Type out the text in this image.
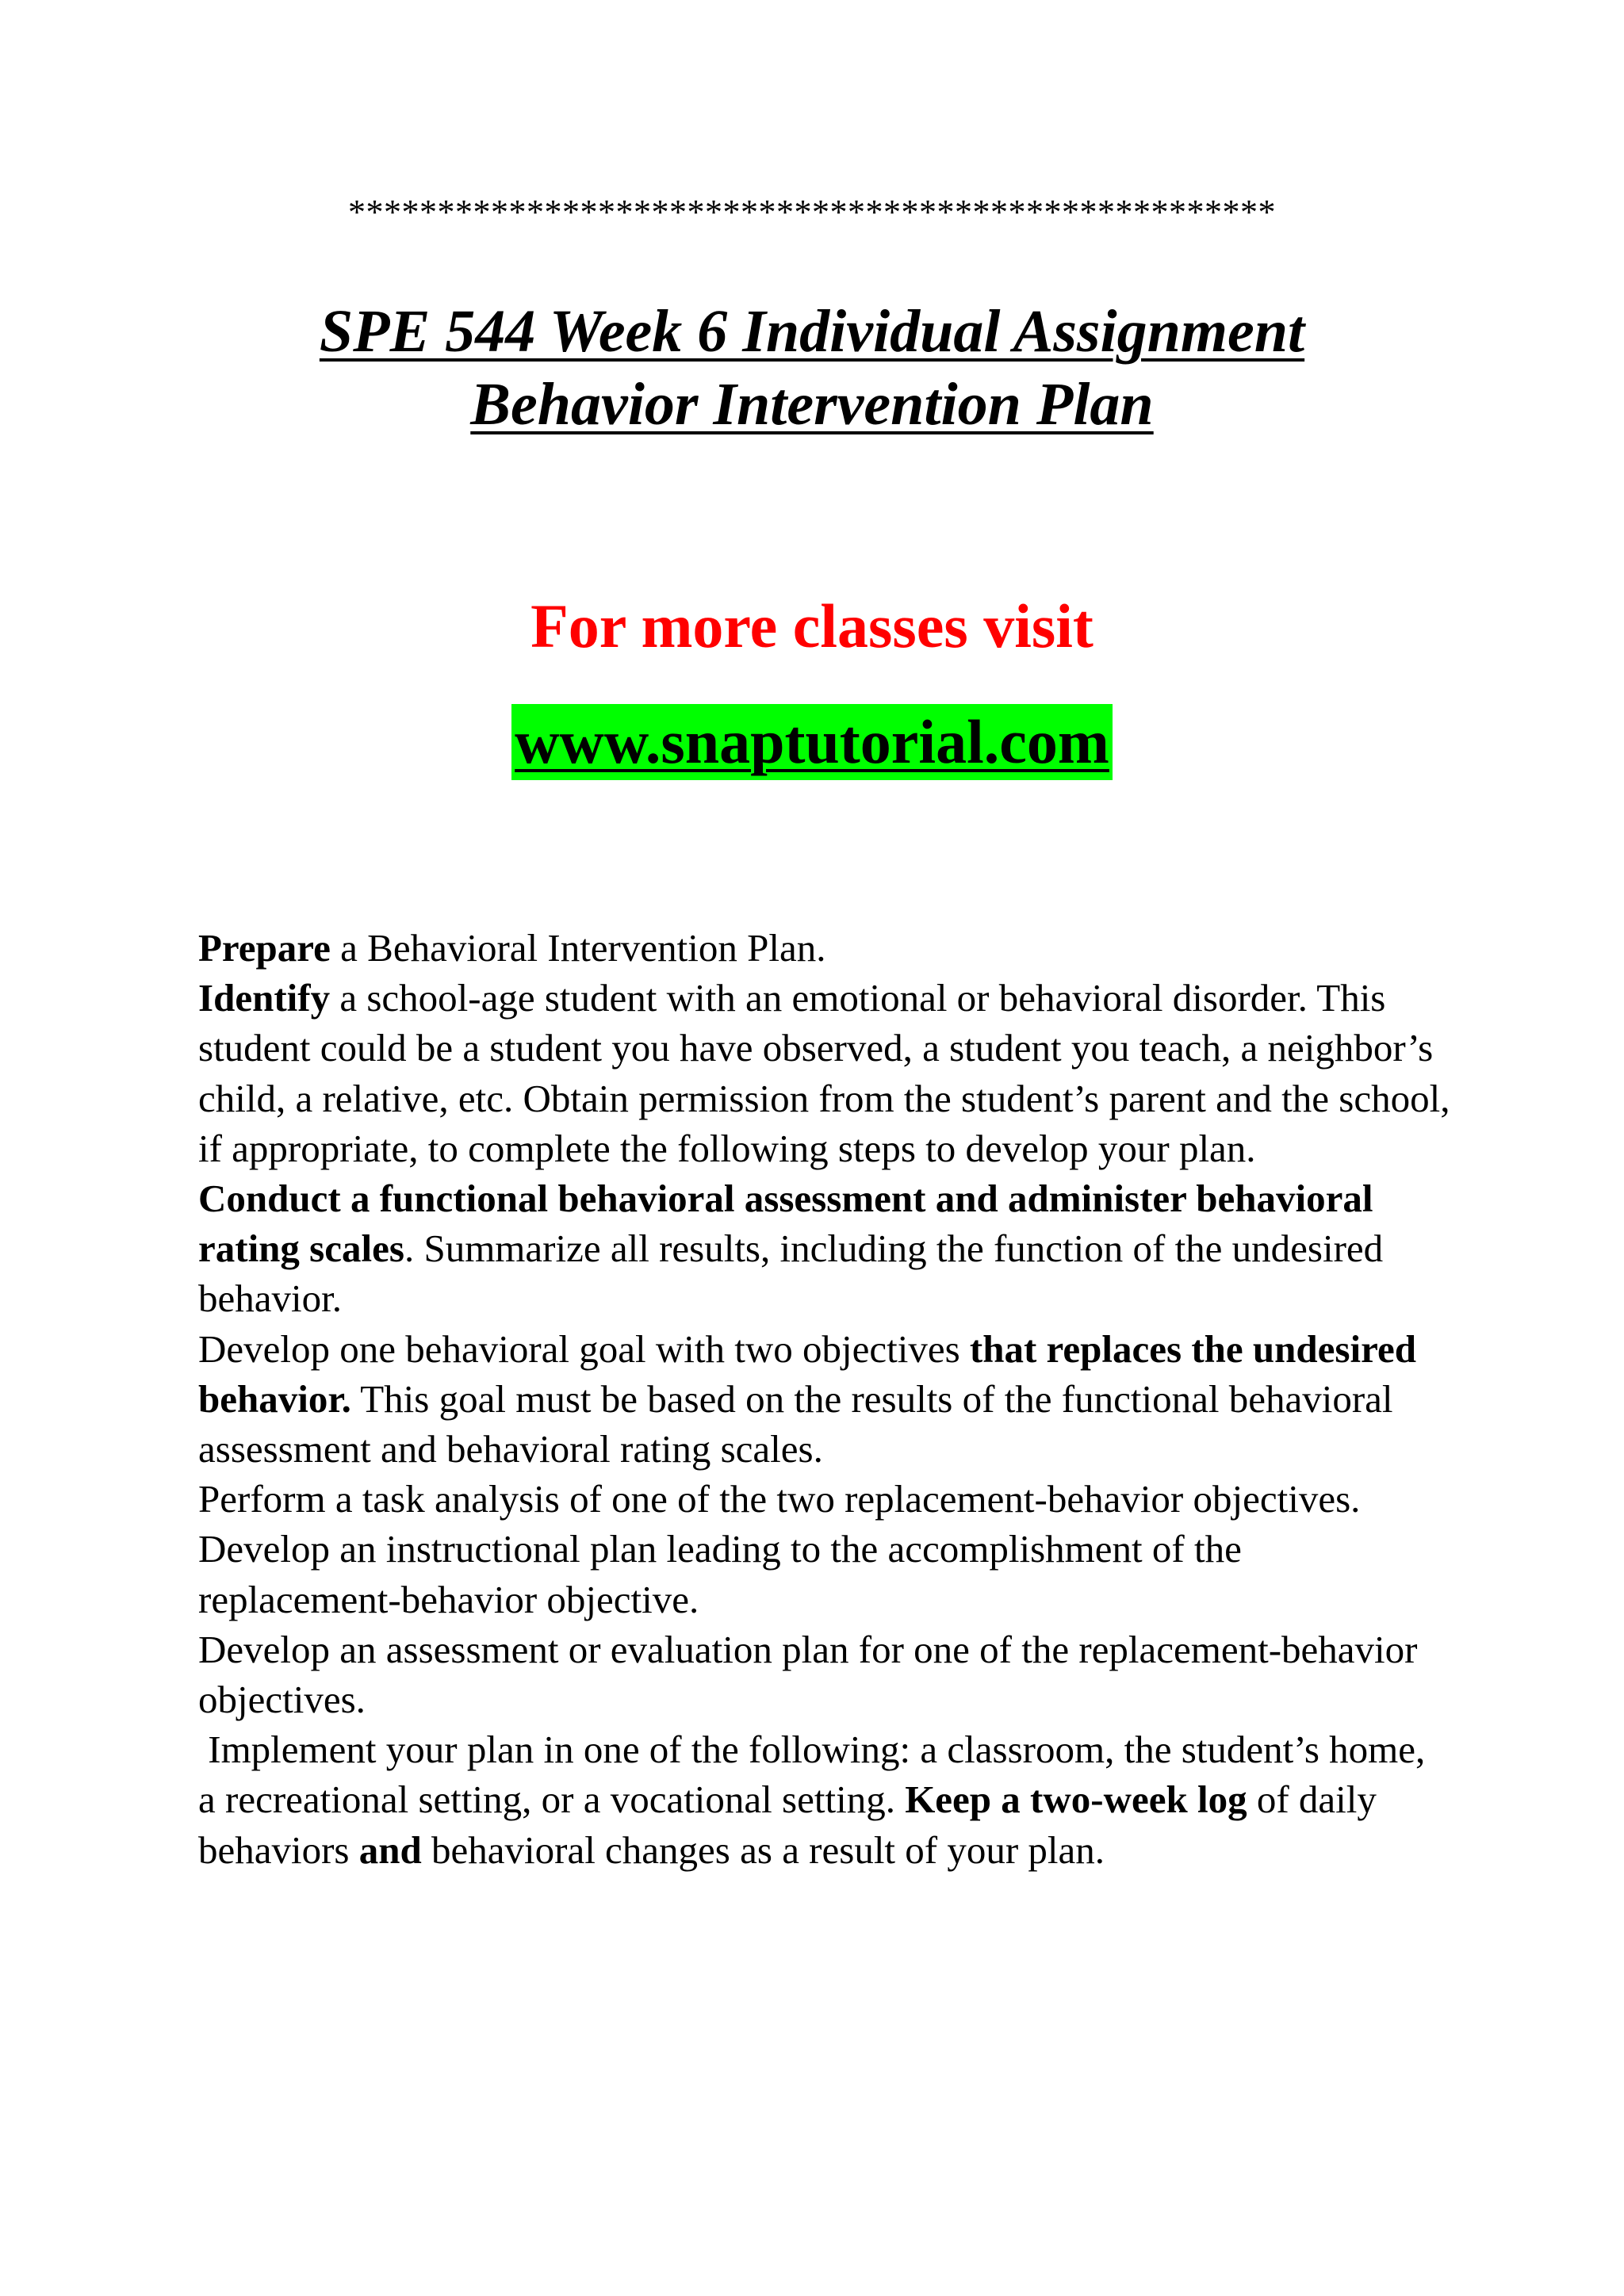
****************************************************
SPE 544 Week 6 Individual Assignment
Behavior Intervention Plan
For more classes visit
www.snaptutorial.com

Prepare a Behavioral Intervention Plan.

Identify a school-age student with an emotional or behavioral disorder. This student could be a student you have observed, a student you teach, a neighbor’s child, a relative, etc. Obtain permission from the student’s parent and the school, if appropriate, to complete the following steps to develop your plan.

Conduct a functional behavioral assessment and administer behavioral rating scales. Summarize all results, including the function of the undesired behavior.

Develop one behavioral goal with two objectives that replaces the undesired behavior. This goal must be based on the results of the functional behavioral assessment and behavioral rating scales.

Perform a task analysis of one of the two replacement-behavior objectives.

Develop an instructional plan leading to the accomplishment of the replacement-behavior objective.

Develop an assessment or evaluation plan for one of the replacement-behavior objectives.

Implement your plan in one of the following: a classroom, the student’s home, a recreational setting, or a vocational setting. Keep a two-week log of daily behaviors and behavioral changes as a result of your plan.
